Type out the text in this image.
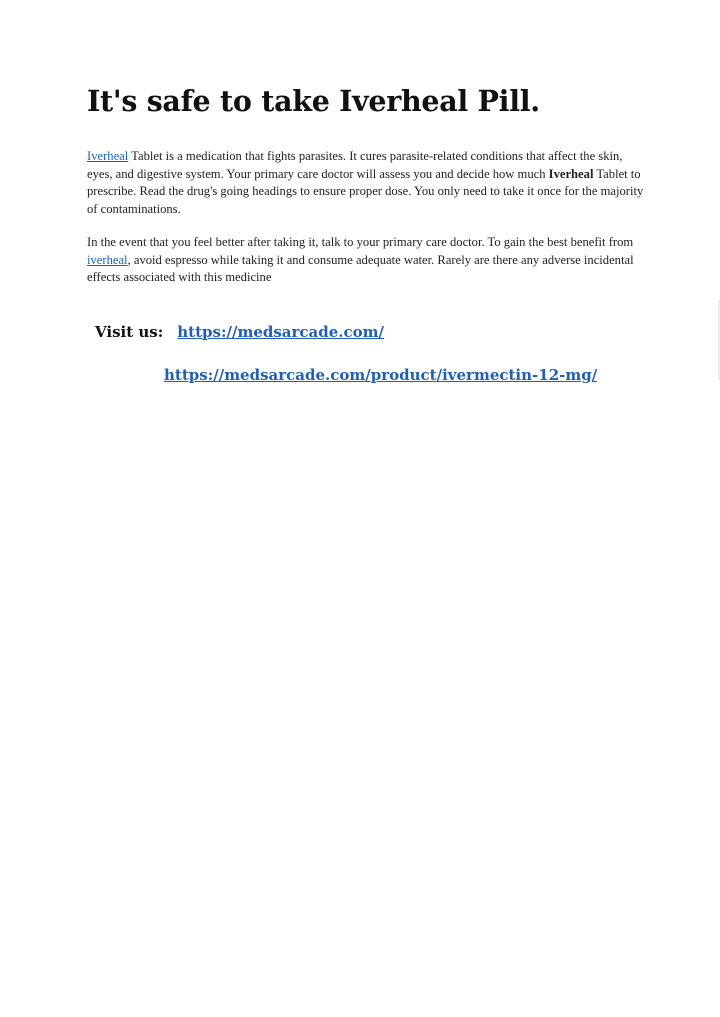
It's safe to take Iverheal Pill.

Iverheal Tablet is a medication that fights parasites. It cures parasite-related conditions that affect the skin, eyes, and digestive system. Your primary care doctor will assess you and decide how much Iverheal Tablet to prescribe. Read the drug's going headings to ensure proper dose. You only need to take it once for the majority of contaminations.

In the event that you feel better after taking it, talk to your primary care doctor. To gain the best benefit from iverheal, avoid espresso while taking it and consume adequate water. Rarely are there any adverse incidental effects associated with this medicine

Visit us: https://medsarcade.com/
https://medsarcade.com/product/ivermectin-12-mg/
